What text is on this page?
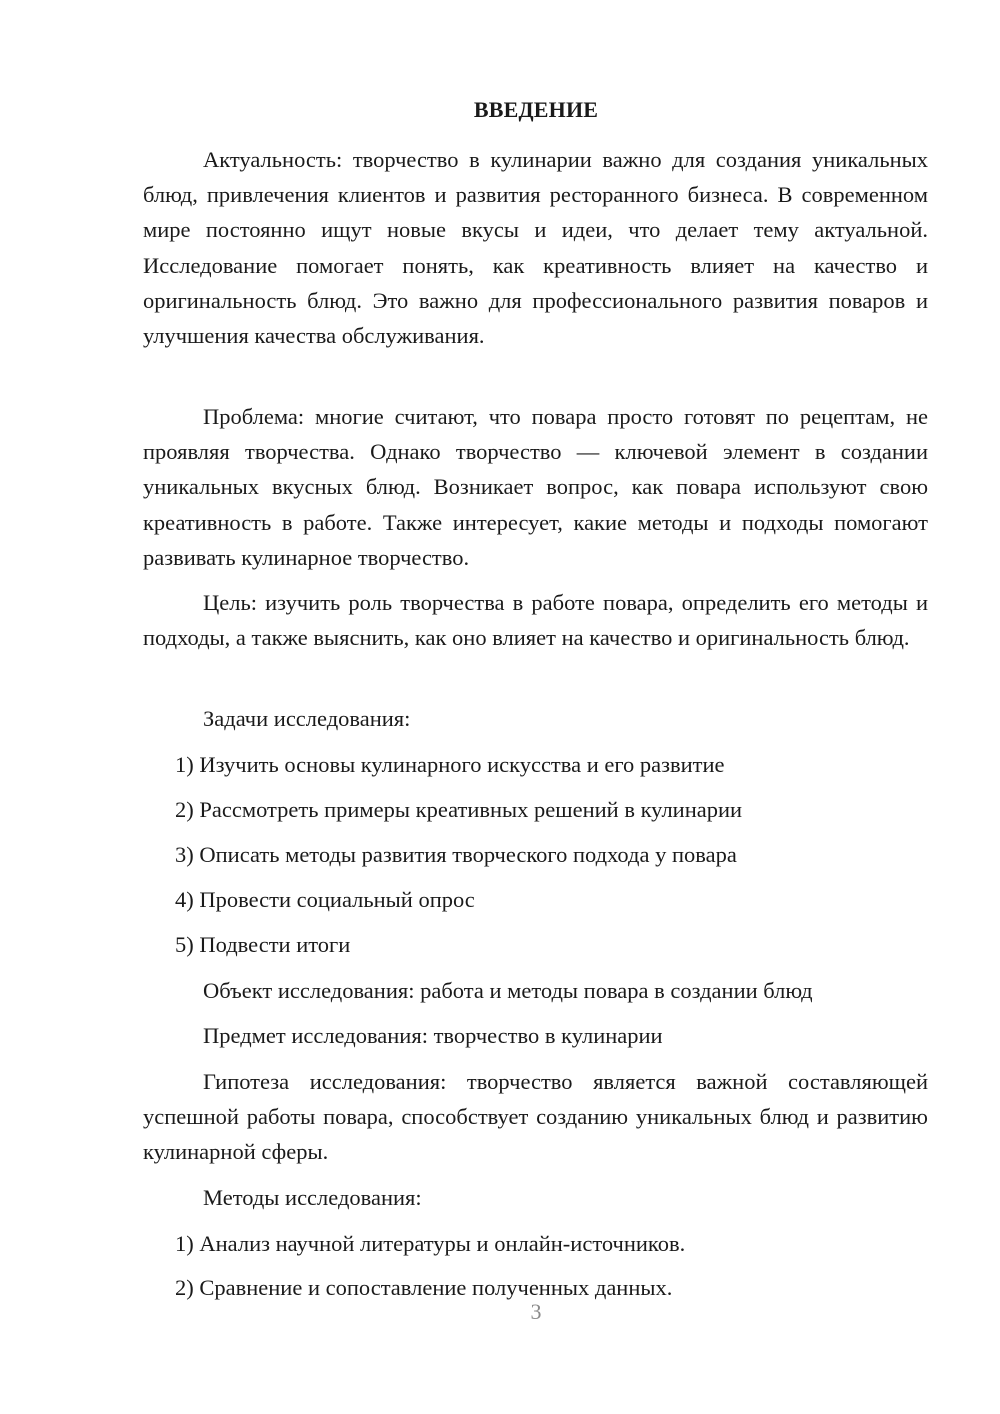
ВВЕДЕНИЕ

Актуальность: творчество в кулинарии важно для создания уникальных блюд, привлечения клиентов и развития ресторанного бизнеса. В современном мире постоянно ищут новые вкусы и идеи, что делает тему актуальной. Исследование помогает понять, как креативность влияет на качество и оригинальность блюд. Это важно для профессионального развития поваров и улучшения качества обслуживания.

Проблема: многие считают, что повара просто готовят по рецептам, не проявляя творчества. Однако творчество — ключевой элемент в создании уникальных вкусных блюд. Возникает вопрос, как повара используют свою креативность в работе. Также интересует, какие методы и подходы помогают развивать кулинарное творчество.

Цель: изучить роль творчества в работе повара, определить его методы и подходы, а также выяснить, как оно влияет на качество и оригинальность блюд.

Задачи исследования:
1) Изучить основы кулинарного искусства и его развитие
2) Рассмотреть примеры креативных решений в кулинарии
3) Описать методы развития творческого подхода у повара
4) Провести социальный опрос
5) Подвести итоги
Объект исследования: работа и методы повара в создании блюд
Предмет исследования: творчество в кулинарии

Гипотеза исследования: творчество является важной составляющей успешной работы повара, способствует созданию уникальных блюд и развитию кулинарной сферы.

Методы исследования:
1) Анализ научной литературы и онлайн-источников.
2) Сравнение и сопоставление полученных данных.
3
